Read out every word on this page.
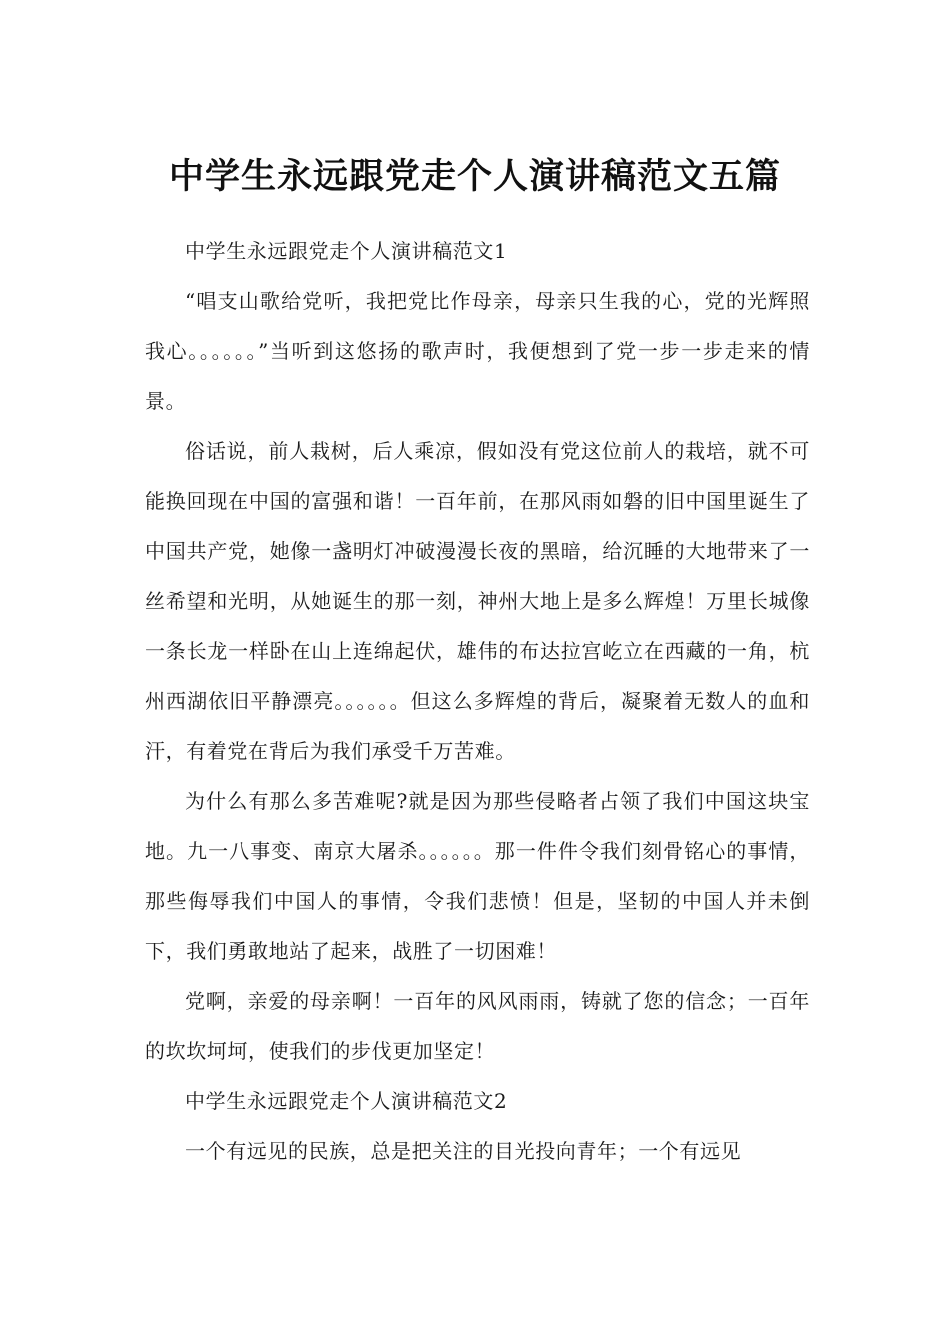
中学生永远跟党走个人演讲稿范文五篇

中学生永远跟党走个人演讲稿范文1

“唱支山歌给党听，我把党比作母亲，母亲只生我的心，党的光辉照我心。。。。。。”当听到这悠扬的歌声时，我便想到了党一步一步走来的情景。

俗话说，前人栽树，后人乘凉，假如没有党这位前人的栽培，就不可能换回现在中国的富强和谐！一百年前，在那风雨如磐的旧中国里诞生了中国共产党，她像一盏明灯冲破漫漫长夜的黑暗，给沉睡的大地带来了一丝希望和光明，从她诞生的那一刻，神州大地上是多么辉煌！万里长城像一条长龙一样卧在山上连绵起伏，雄伟的布达拉宫屹立在西藏的一角，杭州西湖依旧平静漂亮。。。。。。但这么多辉煌的背后，凝聚着无数人的血和汗，有着党在背后为我们承受千万苦难。

为什么有那么多苦难呢?就是因为那些侵略者占领了我们中国这块宝地。九一八事变、南京大屠杀。。。。。。那一件件令我们刻骨铭心的事情，那些侮辱我们中国人的事情，令我们悲愤！但是，坚韧的中国人并未倒下，我们勇敢地站了起来，战胜了一切困难！

党啊，亲爱的母亲啊！一百年的风风雨雨，铸就了您的信念；一百年的坎坎坷坷，使我们的步伐更加坚定！

中学生永远跟党走个人演讲稿范文2

一个有远见的民族，总是把关注的目光投向青年；一个有远见
